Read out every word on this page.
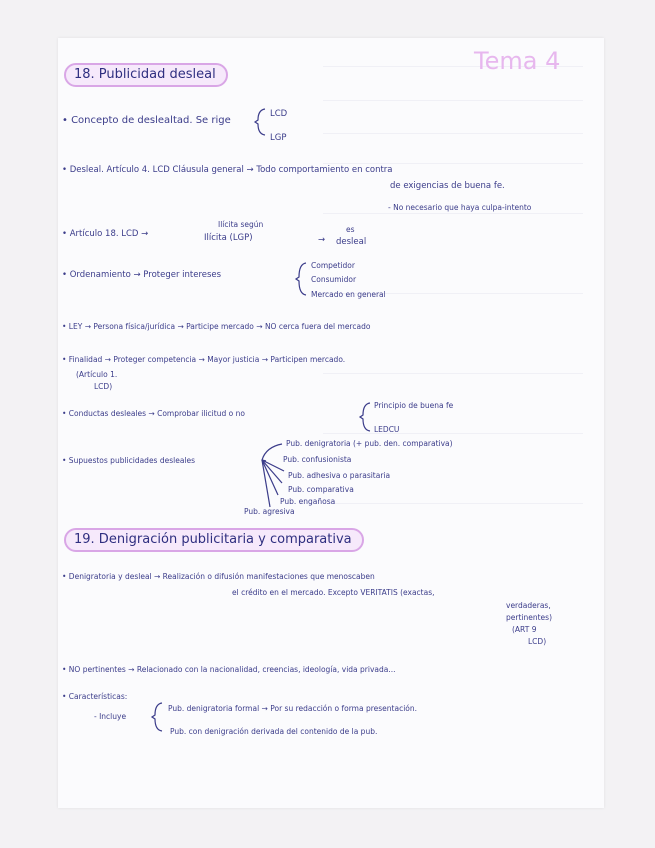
Tema 4
18. Publicidad desleal
• Concepto de deslealtad. Se rige
LCD
LGP
• Desleal. Artículo 4. LCD Cláusula general → Todo comportamiento en contra
de exigencias de buena fe.
- No necesario que haya culpa-intento
• Artículo 18. LCD →
Ilícita según
Ilícita (LGP)	→
es
desleal
• Ordenamiento → Proteger intereses
Competidor
Consumidor
Mercado en general
• LEY → Persona física/jurídica → Participe mercado → NO cerca fuera del mercado
• Finalidad → Proteger competencia → Mayor justicia → Participen mercado.
(Artículo 1.
LCD)
• Conductas desleales → Comprobar ilicitud o no
Principio de buena fe
LEDCU
• Supuestos publicidades desleales
Pub. denigratoria (+ pub. den. comparativa)
Pub. confusionista
Pub. adhesiva o parasitaria
Pub. comparativa
Pub. engañosa
Pub. agresiva
19. Denigración publicitaria y comparativa
• Denigratoria y desleal → Realización o difusión manifestaciones que menoscaben
el crédito en el mercado. Excepto VERITATIS (exactas,
verdaderas,
pertinentes)
(ART 9
LCD)
• NO pertinentes → Relacionado con la nacionalidad, creencias, ideología, vida privada...
• Características:
- Incluye
Pub. denigratoria formal → Por su redacción o forma presentación.
Pub. con denigración derivada del contenido de la pub.
